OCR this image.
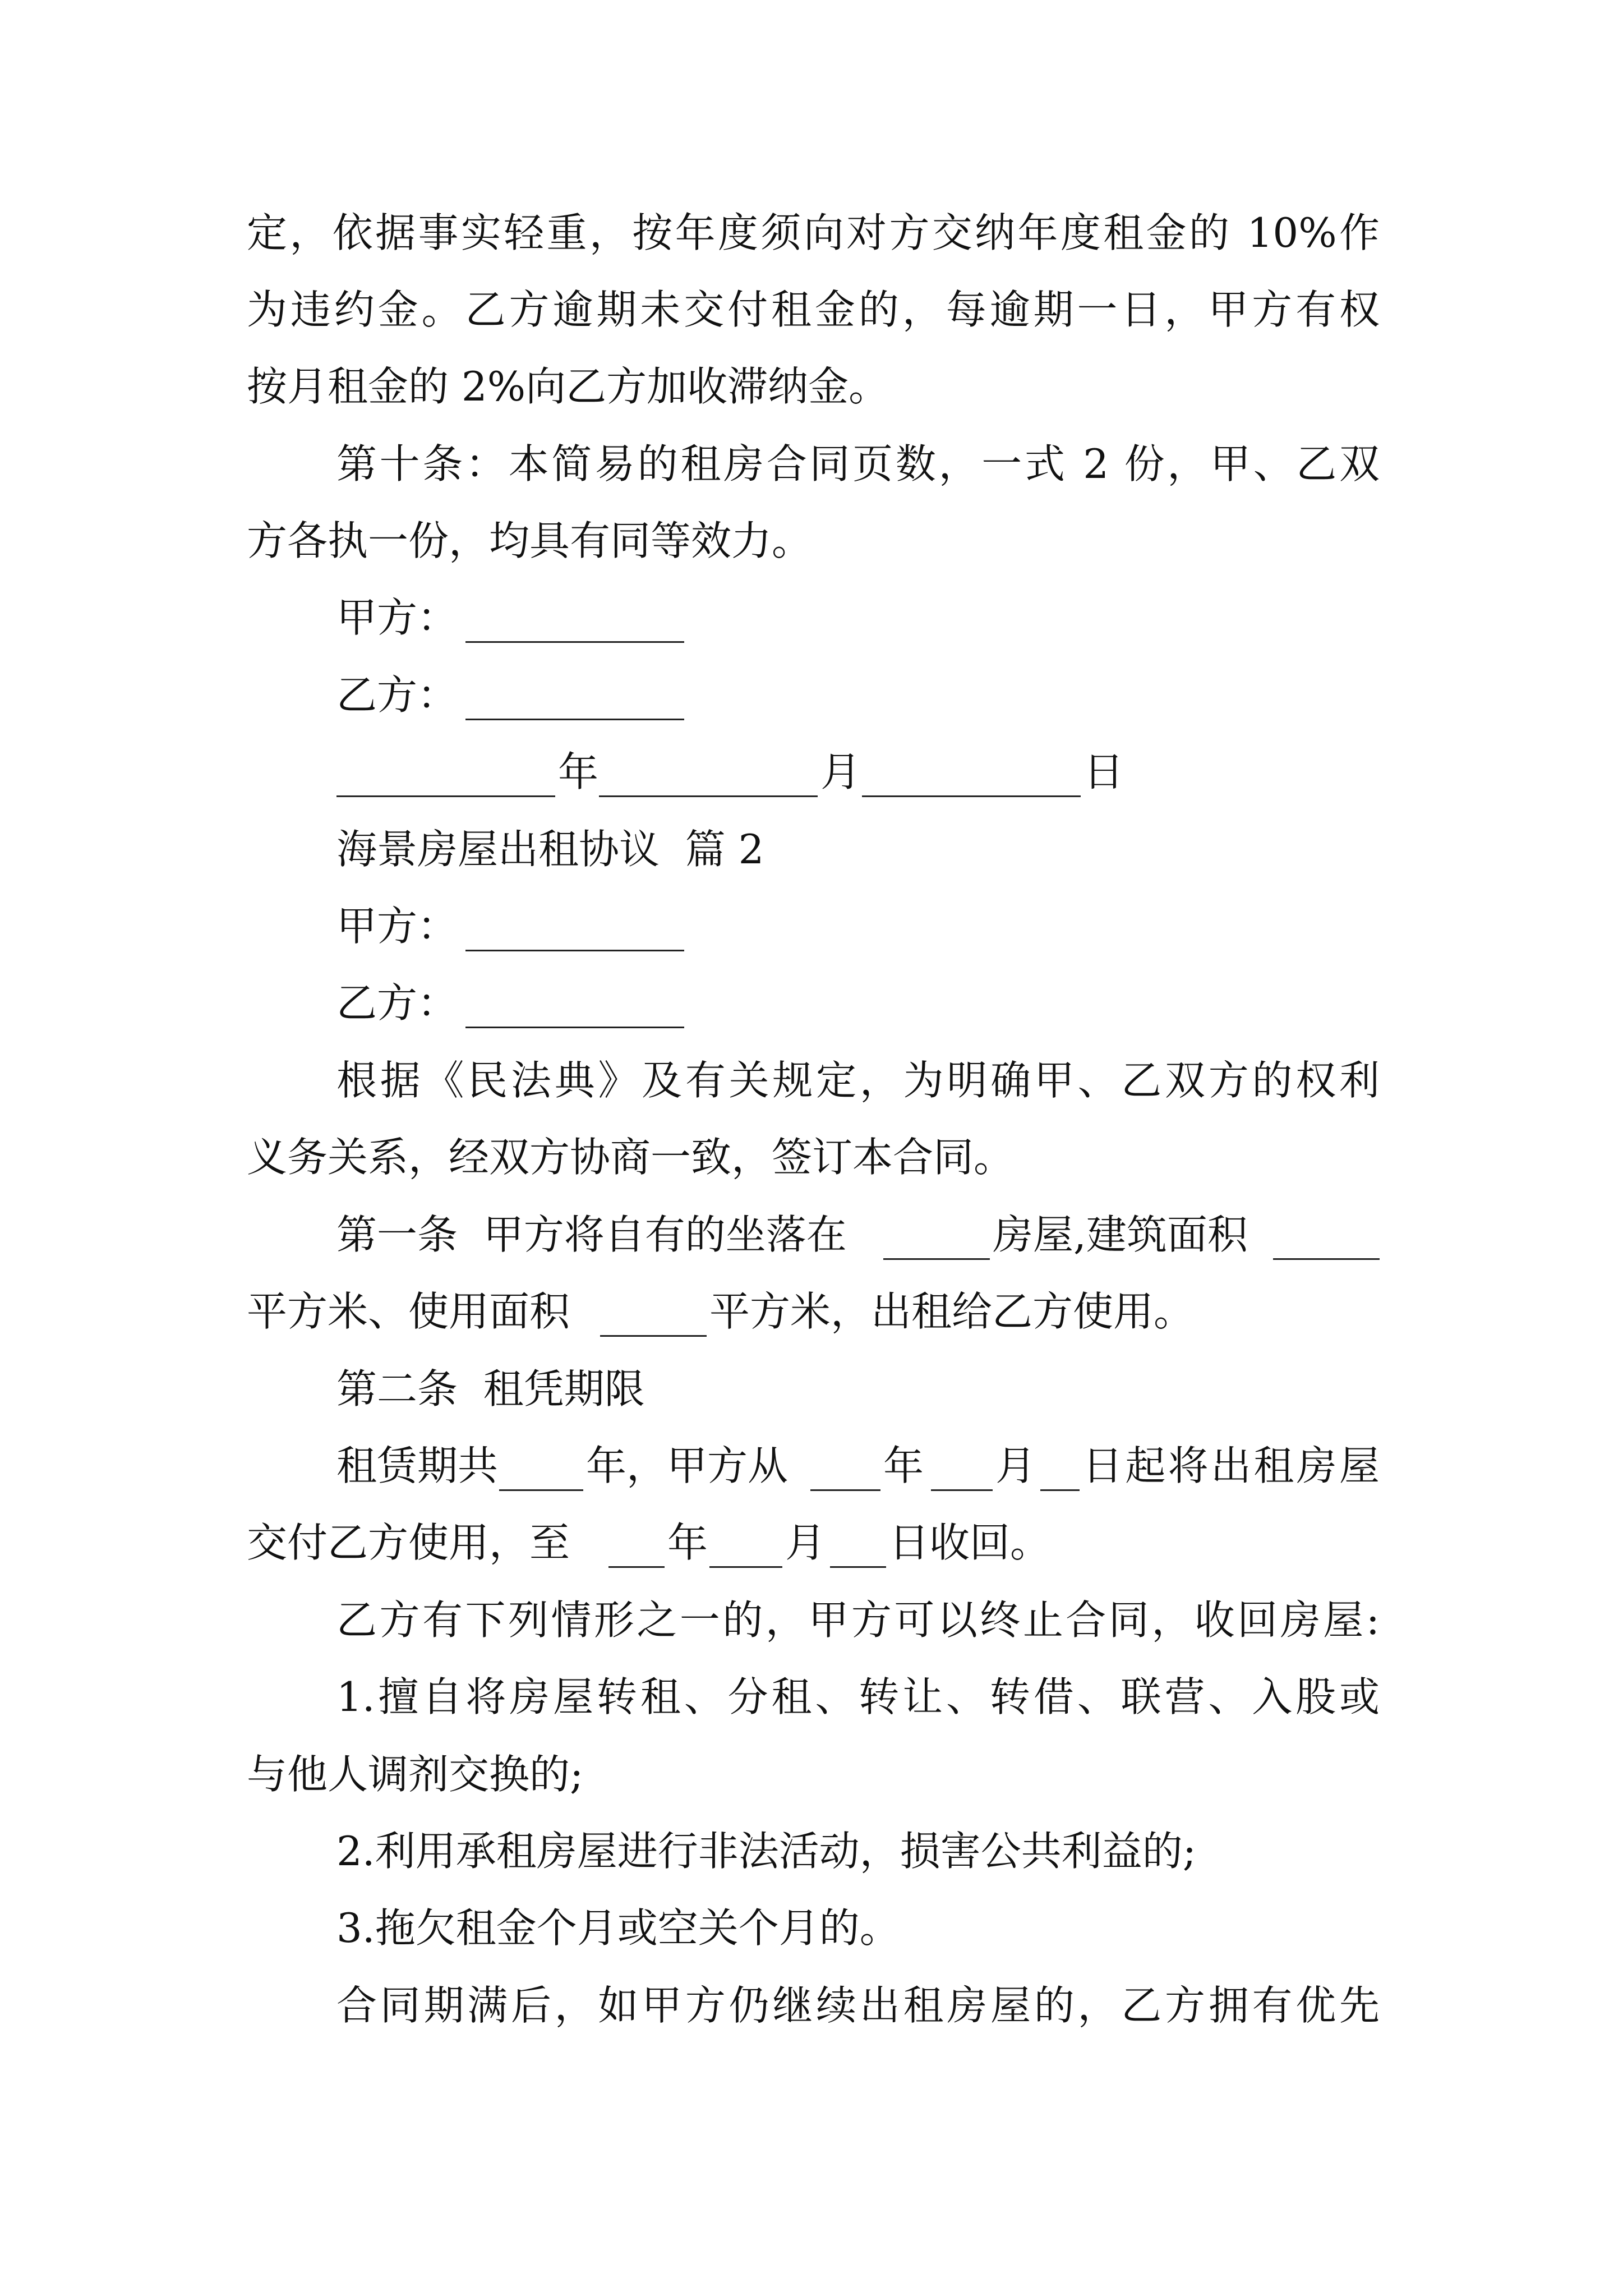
定，依据事实轻重，按年度须向对方交纳年度租金的 10%作
为违约金。乙方逾期未交付租金的，每逾期一日，甲方有权
按月租金的 2%向乙方加收滞纳金。
第十条：本简易的租房合同页数，一式 2 份，甲、乙双
方各执一份，均具有同等效力。
甲方：
乙方：
年	月	日
海景房屋出租协议  篇 2
甲方：
乙方：
根据《民法典》及有关规定，为明确甲、乙双方的权利
义务关系，经双方协商一致，签订本合同。
第一条  甲方将自有的坐落在	房屋,建筑面积
平方米、使用面积	平方米，出租给乙方使用。
第二条  租凭期限
租赁期共 年，甲方从	年 月 日起将出租房屋
交付乙方使用，至	年 月 日收回。
乙方有下列情形之一的，甲方可以终止合同，收回房屋:
1.擅自将房屋转租、分租、转让、转借、联营、入股或
与他人调剂交换的;
2.利用承租房屋进行非法活动，损害公共利益的;
3.拖欠租金个月或空关个月的。
合同期满后，如甲方仍继续出租房屋的，乙方拥有优先
